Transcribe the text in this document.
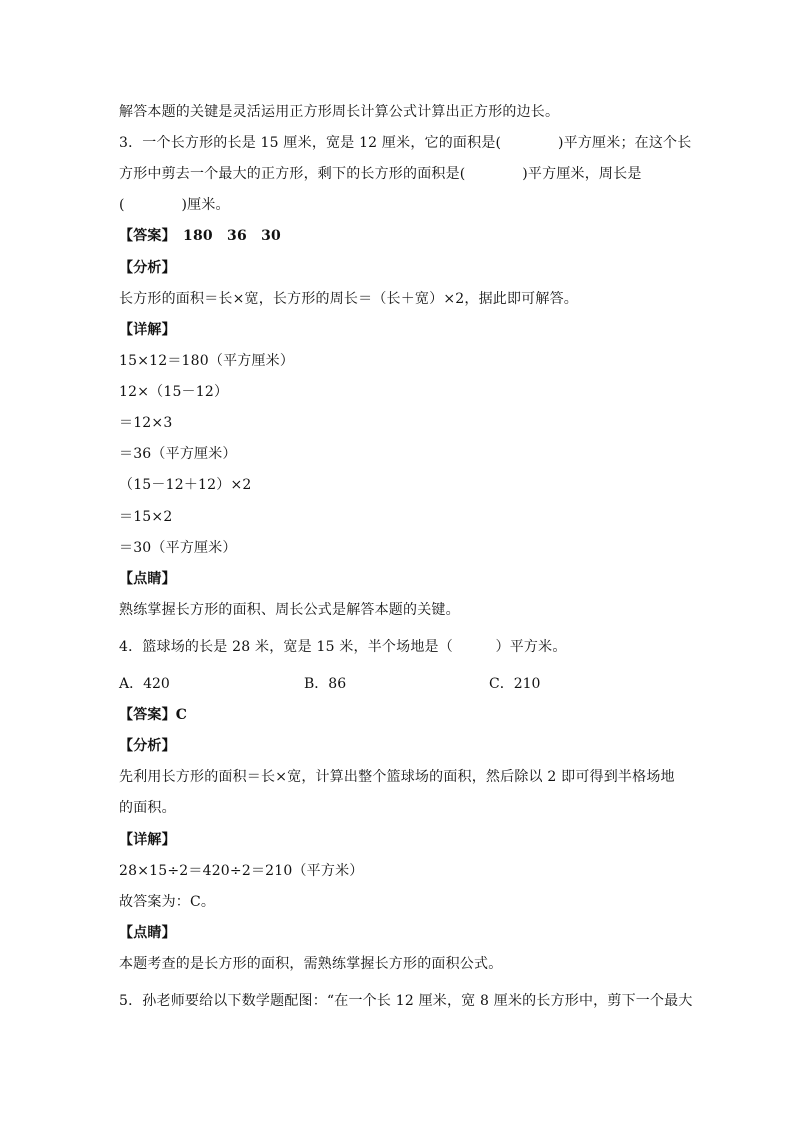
解答本题的关键是灵活运用正方形周长计算公式计算出正方形的边长。
3．一个长方形的长是 15 厘米，宽是 12 厘米，它的面积是(　　　　)平方厘米；在这个长
方形中剪去一个最大的正方形，剩下的长方形的面积是(　　　　)平方厘米，周长是
(　　　　)厘米。
【答案】　180　36　30
【分析】
长方形的面积＝长×宽，长方形的周长＝（长＋宽）×2，据此即可解答。
【详解】
15×12＝180（平方厘米）
12×（15－12）
＝12×3
＝36（平方厘米）
（15－12＋12）×2
＝15×2
＝30（平方厘米）
【点睛】
熟练掌握长方形的面积、周长公式是解答本题的关键。
4．篮球场的长是 28 米，宽是 15 米，半个场地是（　　　）平方米。
A．420	B．86	C．210
【答案】C
【分析】
先利用长方形的面积＝长×宽，计算出整个篮球场的面积，然后除以 2 即可得到半格场地
的面积。
【详解】
28×15÷2＝420÷2＝210（平方米）
故答案为：C。
【点睛】
本题考查的是长方形的面积，需熟练掌握长方形的面积公式。
5．孙老师要给以下数学题配图：“在一个长 12 厘米，宽 8 厘米的长方形中，剪下一个最大
